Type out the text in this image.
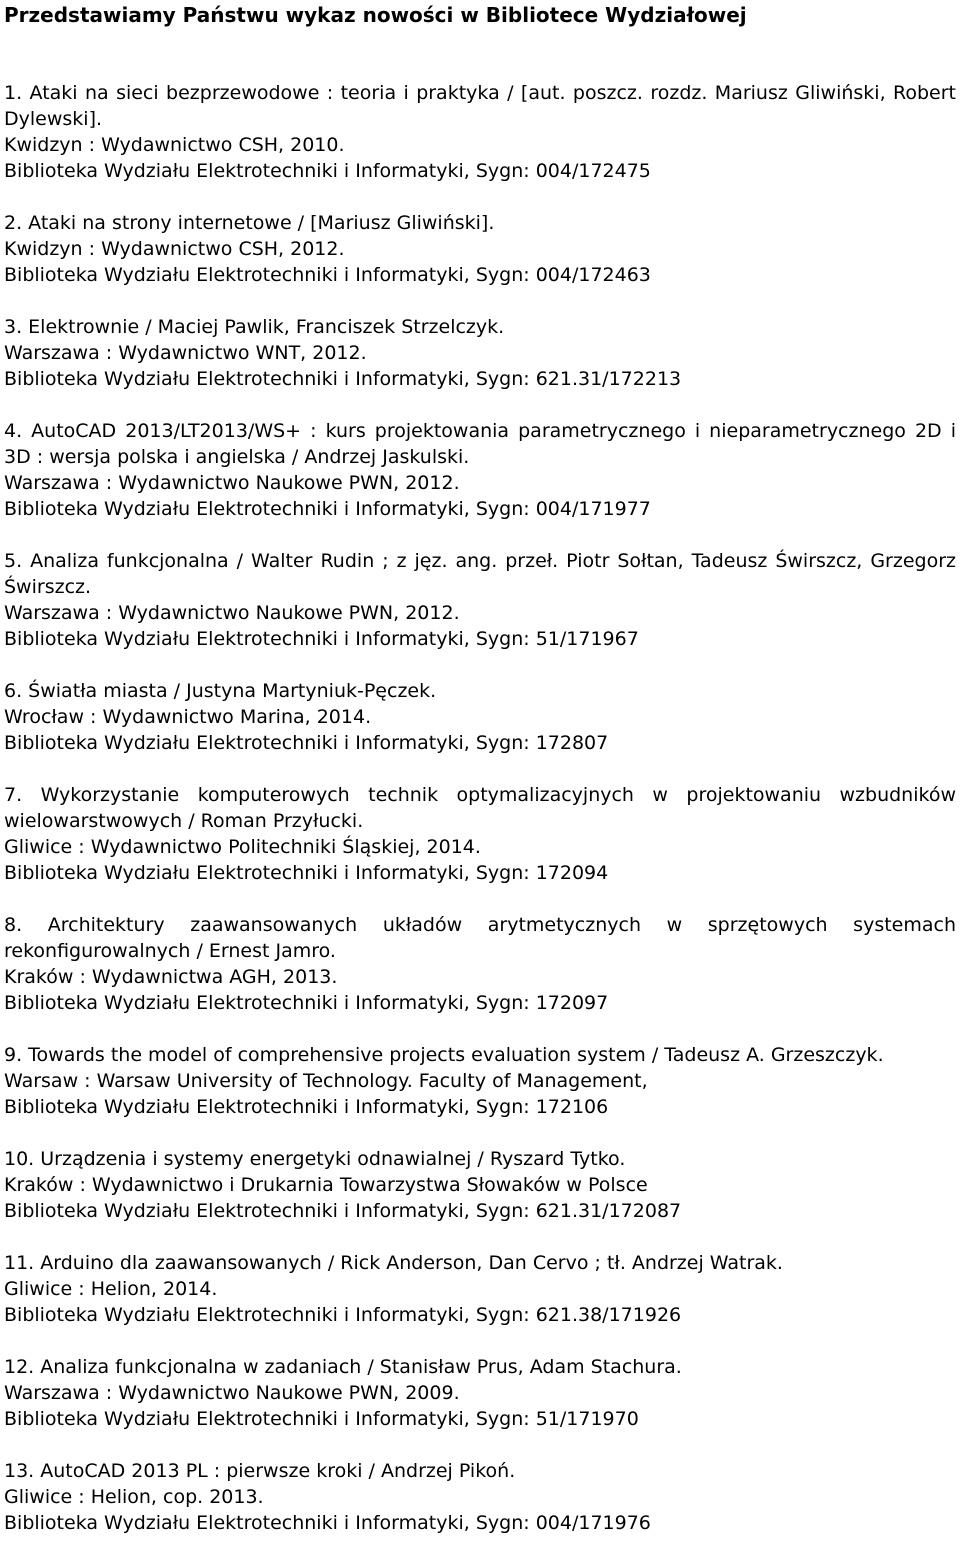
Przedstawiamy Państwu wykaz nowości w Bibliotece Wydziałowej
1. Ataki na sieci bezprzewodowe : teoria i praktyka / [aut. poszcz. rozdz. Mariusz Gliwiński, Robert Dylewski].
Kwidzyn : Wydawnictwo CSH, 2010.
Biblioteka Wydziału Elektrotechniki i Informatyki, Sygn: 004/172475
2. Ataki na strony internetowe / [Mariusz Gliwiński].
Kwidzyn : Wydawnictwo CSH, 2012.
Biblioteka Wydziału Elektrotechniki i Informatyki, Sygn: 004/172463
3. Elektrownie / Maciej Pawlik, Franciszek Strzelczyk.
Warszawa : Wydawnictwo WNT, 2012.
Biblioteka Wydziału Elektrotechniki i Informatyki, Sygn: 621.31/172213
4. AutoCAD 2013/LT2013/WS+ : kurs projektowania parametrycznego i nieparametrycznego 2D i 3D : wersja polska i angielska / Andrzej Jaskulski.
Warszawa : Wydawnictwo Naukowe PWN, 2012.
Biblioteka Wydziału Elektrotechniki i Informatyki, Sygn: 004/171977
5. Analiza funkcjonalna / Walter Rudin ; z jęz. ang. przeł. Piotr Sołtan, Tadeusz Świrszcz, Grzegorz Świrszcz.
Warszawa : Wydawnictwo Naukowe PWN, 2012.
Biblioteka Wydziału Elektrotechniki i Informatyki, Sygn: 51/171967
6. Światła miasta / Justyna Martyniuk-Pęczek.
Wrocław : Wydawnictwo Marina, 2014.
Biblioteka Wydziału Elektrotechniki i Informatyki, Sygn: 172807
7. Wykorzystanie komputerowych technik optymalizacyjnych w projektowaniu wzbudników wielowarstwowych / Roman Przyłucki.
Gliwice : Wydawnictwo Politechniki Śląskiej, 2014.
Biblioteka Wydziału Elektrotechniki i Informatyki, Sygn: 172094
8. Architektury zaawansowanych układów arytmetycznych w sprzętowych systemach rekonfigurowalnych / Ernest Jamro.
Kraków : Wydawnictwa AGH, 2013.
Biblioteka Wydziału Elektrotechniki i Informatyki, Sygn: 172097
9. Towards the model of comprehensive projects evaluation system / Tadeusz A. Grzeszczyk.
Warsaw : Warsaw University of Technology. Faculty of Management,
Biblioteka Wydziału Elektrotechniki i Informatyki, Sygn: 172106
10. Urządzenia i systemy energetyki odnawialnej / Ryszard Tytko.
Kraków : Wydawnictwo i Drukarnia Towarzystwa Słowaków w Polsce
Biblioteka Wydziału Elektrotechniki i Informatyki, Sygn: 621.31/172087
11. Arduino dla zaawansowanych / Rick Anderson, Dan Cervo ; tł. Andrzej Watrak.
Gliwice : Helion, 2014.
Biblioteka Wydziału Elektrotechniki i Informatyki, Sygn: 621.38/171926
12. Analiza funkcjonalna w zadaniach / Stanisław Prus, Adam Stachura.
Warszawa : Wydawnictwo Naukowe PWN, 2009.
Biblioteka Wydziału Elektrotechniki i Informatyki, Sygn: 51/171970
13. AutoCAD 2013 PL : pierwsze kroki / Andrzej Pikoń.
Gliwice : Helion, cop. 2013.
Biblioteka Wydziału Elektrotechniki i Informatyki, Sygn: 004/171976
